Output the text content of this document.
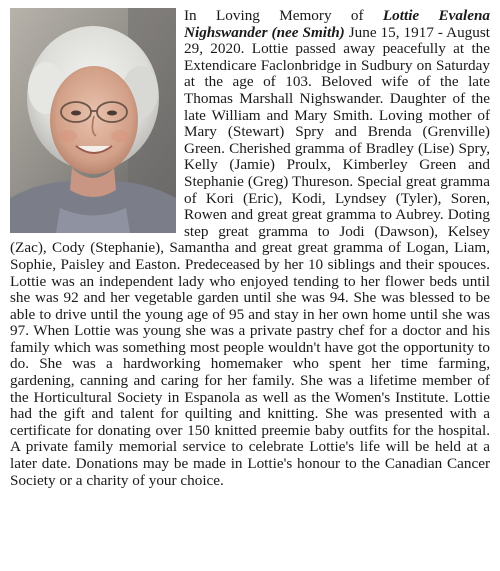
In Loving Memory of Lottie Evalena Nighswander (nee Smith) June 15, 1917 - August 29, 2020. Lottie passed away peacefully at the Extendicare Faclonbridge in Sudbury on Saturday at the age of 103. Beloved wife of the late Thomas Marshall Nighswander. Daughter of the late William and Mary Smith. Loving mother of Mary (Stewart) Spry and Brenda (Grenville) Green. Cherished gramma of Bradley (Lise) Spry, Kelly (Jamie) Proulx, Kimberley Green and Stephanie (Greg) Thureson. Special great gramma of Kori (Eric), Kodi, Lyndsey (Tyler), Soren, Rowen and great great gramma to Aubrey. Doting step great gramma to Jodi (Dawson), Kelsey (Zac), Cody (Stephanie), Samantha and great great gramma of Logan, Liam, Sophie, Paisley and Easton. Predeceased by her 10 siblings and their spouces. Lottie was an independent lady who enjoyed tending to her flower beds until she was 92 and her vegetable garden until she was 94. She was blessed to be able to drive until the young age of 95 and stay in her own home until she was 97. When Lottie was young she was a private pastry chef for a doctor and his family which was something most people wouldn't have got the opportunity to do. She was a hardworking homemaker who spent her time farming, gardening, canning and caring for her family. She was a lifetime member of the Horticultural Society in Espanola as well as the Women's Institute. Lottie had the gift and talent for quilting and knitting. She was presented with a certificate for donating over 150 knitted preemie baby outfits for the hospital. A private family memorial service to celebrate Lottie's life will be held at a later date. Donations may be made in Lottie's honour to the Canadian Cancer Society or a charity of your choice.
